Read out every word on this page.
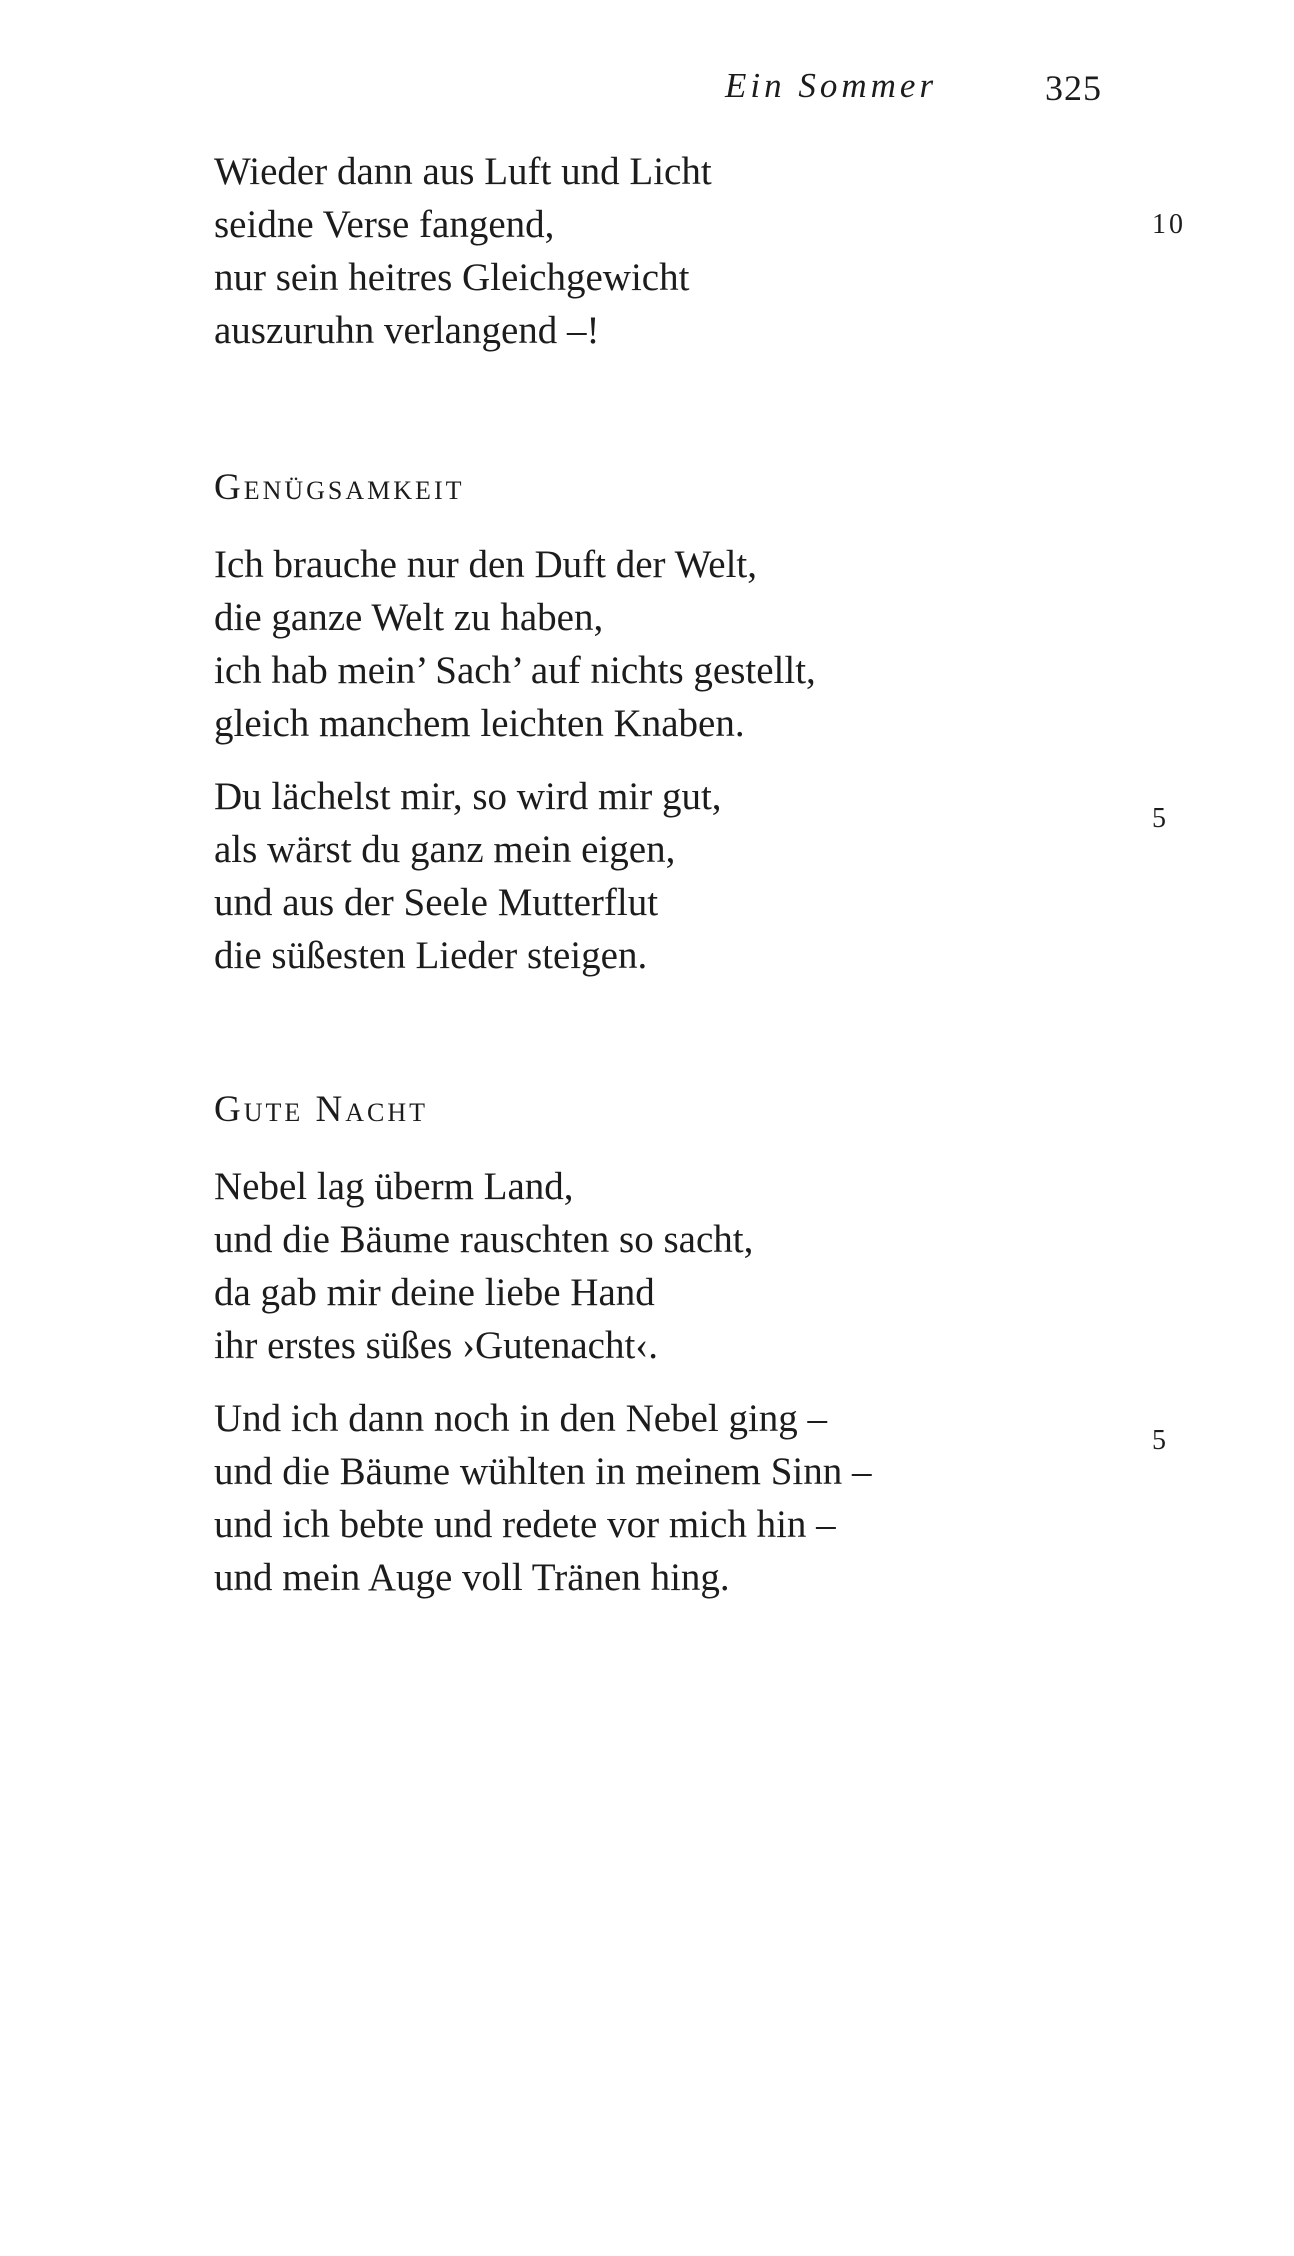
Ein Sommer	325
Wieder dann aus Luft und Licht
seidne Verse fangend,
nur sein heitres Gleichgewicht
auszuruhn verlangend –!
10
Genügsamkeit
Ich brauche nur den Duft der Welt,
die ganze Welt zu haben,
ich hab mein’ Sach’ auf nichts gestellt,
gleich manchem leichten Knaben.
Du lächelst mir, so wird mir gut,
als wärst du ganz mein eigen,
und aus der Seele Mutterflut
die süßesten Lieder steigen.
5
Gute Nacht
Nebel lag überm Land,
und die Bäume rauschten so sacht,
da gab mir deine liebe Hand
ihr erstes süßes ›Gutenacht‹.
Und ich dann noch in den Nebel ging –
und die Bäume wühlten in meinem Sinn –
und ich bebte und redete vor mich hin –
und mein Auge voll Tränen hing.
5
